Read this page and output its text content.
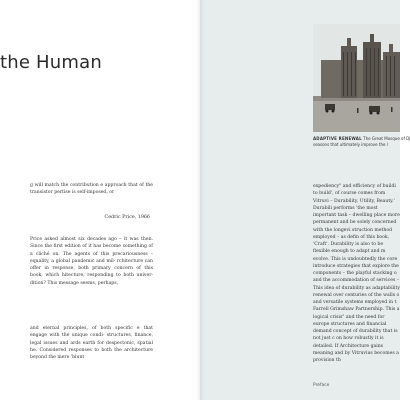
the Human
g will match the contribution e approach that of the transistor pertise is self-imposed, or
Cedric Price, 1966
Price asked almost six decades ago – it was then. Since the first edition of it has become something of a cliché on. The agents of this precariousness – equality, a global pandemic and mil- rchitecture can offer in response, both primary concern of this book, which hitecture, responding to both univer- dition? This message seems, perhaps,
and eternal principles, of both specific e that engage with the unique condi- structures, finance, legal issues and ards earth for despectonic, spatial he. Considered responses to both the architecture beyond the mere 'blunt
ADAPTIVE RENEWAL The Great Mosque of Dj
seasons that ultimately improve the l
expediency" and efficiency of buildi to build', of course comes from Vitruvi – Durability, Utility, Beauty.' Durabili performs 'the most important task – dwelling place more permanent and be solely concerned with the longevi struction method employed – as defin of this book, 'Craft'. Durability is also to be flexible enough to adapt and m evolve. This is undoubtedly the core introduce strategies that explore the components – the playful stacking o and the accommodation of services – This idea of durability as adaptability renewal over centuries of the walls o and versatile systems employed in t Farrell Grimshaw Partnership. This a logical crisis" and the need for europe structures and financial demand concept of durability that is not just c on how robustly it is detailed. If Architecture gains meaning and by Vitruvius becomes a provision th
Preface
